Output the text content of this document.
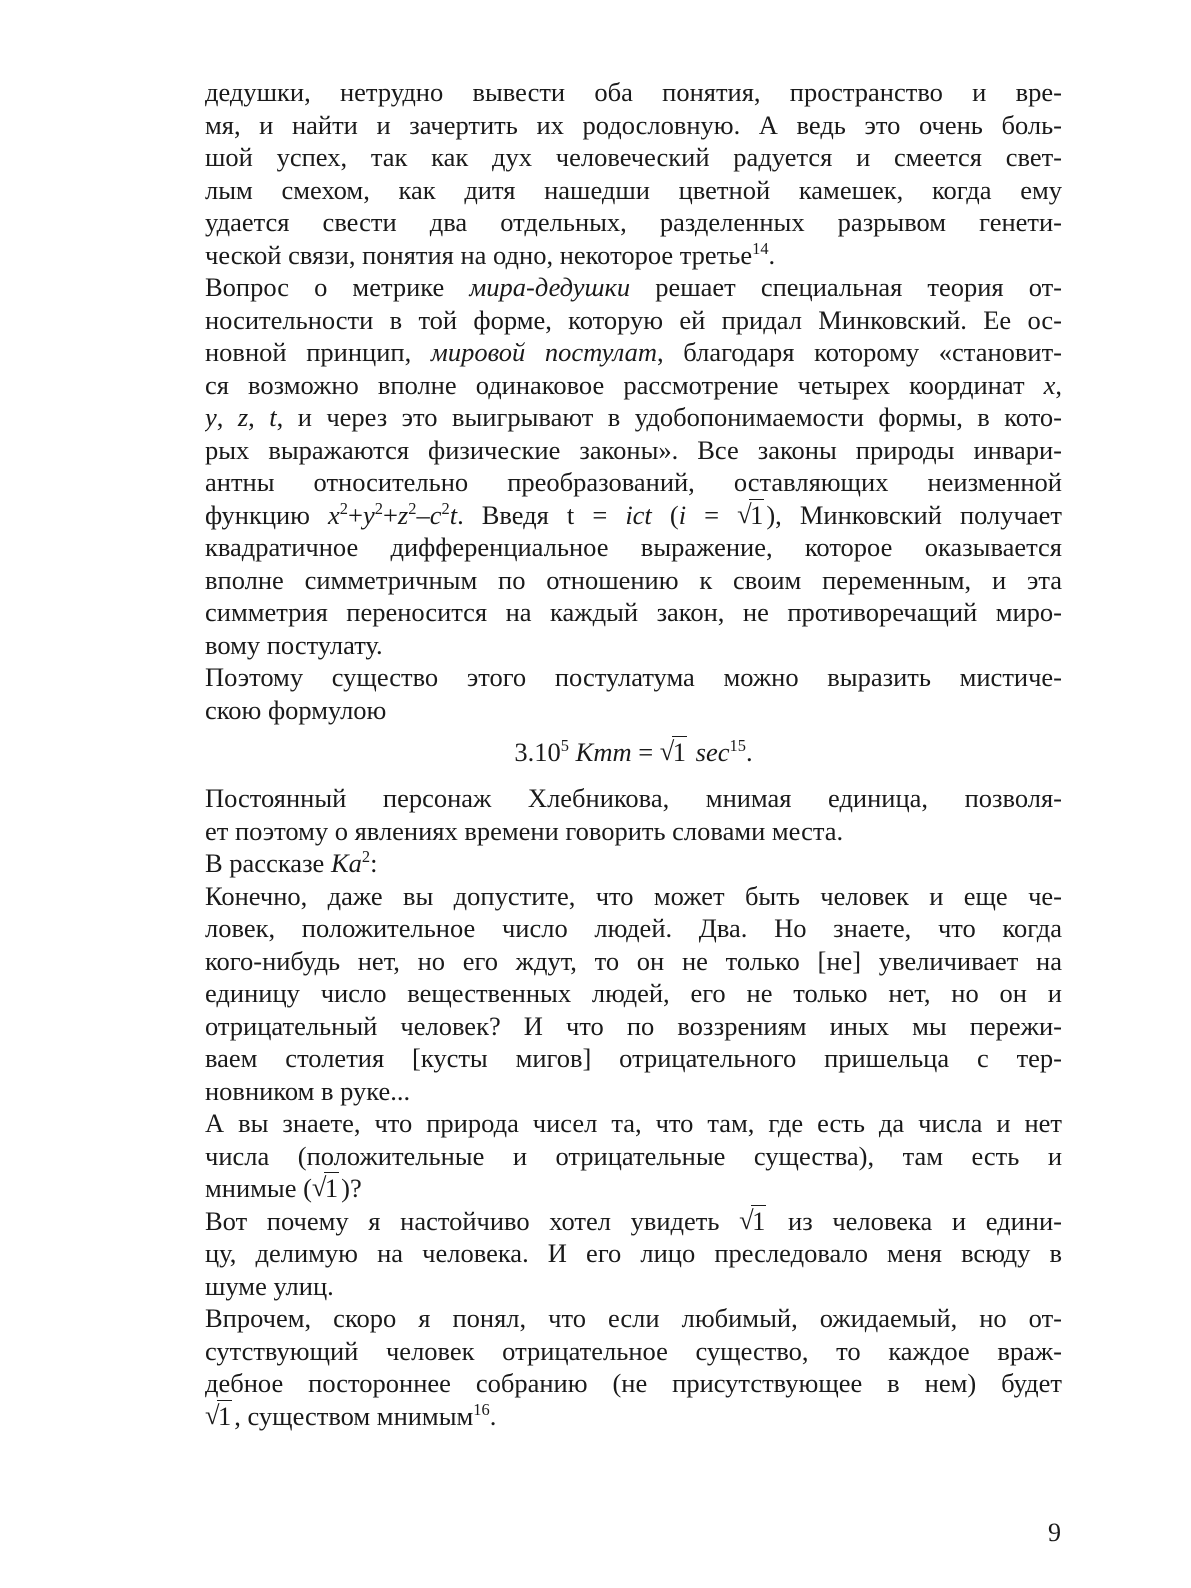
дедушки, нетрудно вывести оба понятия, пространство и вре-
мя, и найти и зачертить их родословную. А ведь это очень боль-
шой успех, так как дух человеческий радуется и смеется свет-
лым смехом, как дитя нашедши цветной камешек, когда ему
удается свести два отдельных, разделенных разрывом генети-
ческой связи, понятия на одно, некоторое третье$^{14}$.
Вопрос о метрике мира-дедушки решает специальная теория от-
носительности в той форме, которую ей придал Минковский. Ее ос-
новной принцип, мировой постулат, благодаря которому «становит-
ся возможно вполне одинаковое рассмотрение четырех координат x,
y, z, t, и через это выигрывают в удобопонимаемости формы, в кото-
рых выражаются физические законы». Все законы природы инвари-
антны относительно преобразований, оставляющих неизменной
функцию $x^2+y^2+z^2-c^2t$. Введя t = ict (i = √ 1 ), Минковский получает
квадратичное дифференциальное выражение, которое оказывается
вполне симметричным по отношению к своим переменным, и эта
симметрия переносится на каждый закон, не противоречащий миро-
вому постулату.
Поэтому существо этого постулатума можно выразить мистиче-
скою формулою
3.10$^5$ Kmm = √ 1 $\sec^{15}$.
Постоянный персонаж Хлебникова, мнимая единица, позволя-
ет поэтому о явлениях времени говорить словами места.
В рассказе Ka$^2$:
Конечно, даже вы допустите, что может быть человек и еще че-
ловек, положительное число людей. Два. Но знаете, что когда
кого-нибудь нет, но его ждут, то он не только [не] увеличивает на
единицу число вещественных людей, его не только нет, но он и
отрицательный человек? И что по воззрениям иных мы пережи-
ваем столетия [кусты мигов] отрицательного пришельца с тер-
новником в руке...
А вы знаете, что природа чисел та, что там, где есть да числа и нет
числа (положительные и отрицательные существа), там есть и
мнимые (√ 1 )?
Вот почему я настойчиво хотел увидеть √ 1 из человека и едини-
цу, делимую на человека. И его лицо преследовало меня всюду в
шуме улиц.
Впрочем, скоро я понял, что если любимый, ожидаемый, но от-
сутствующий человек отрицательное существо, то каждое враж-
дебное постороннее собранию (не присутствующее в нем) будет
√ 1 , существом мнимым$^{16}$.
9
